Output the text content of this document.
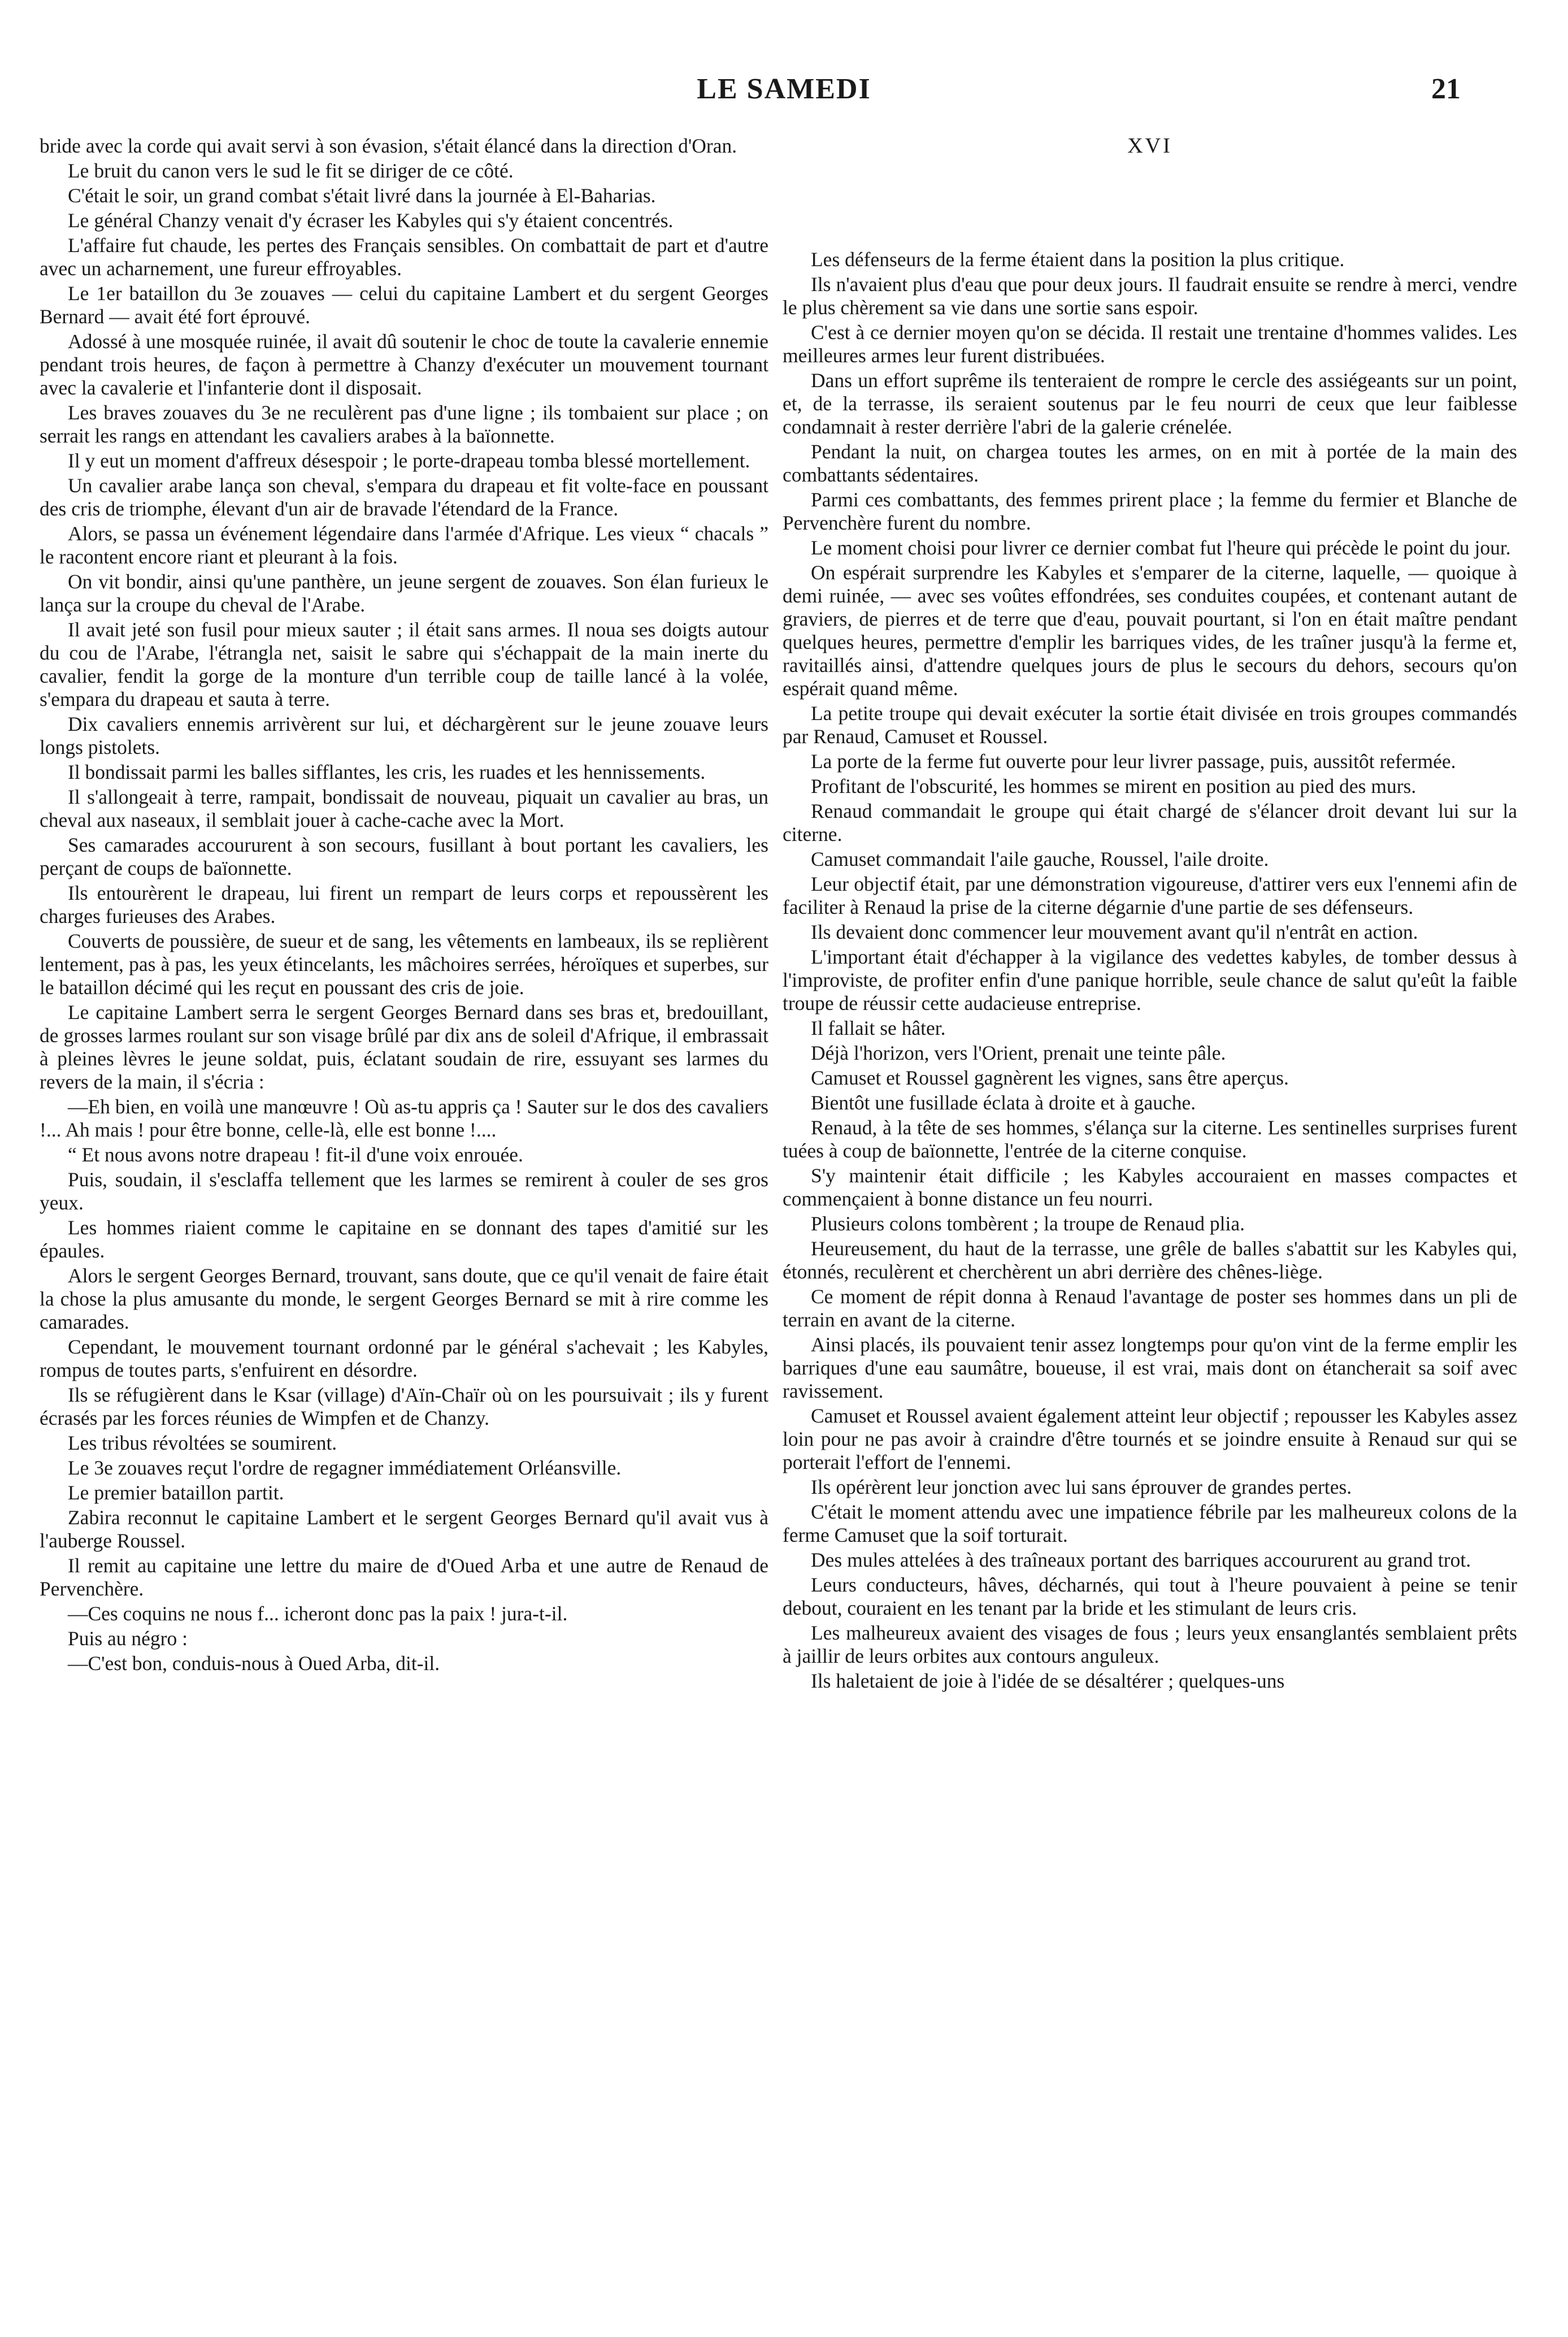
LE SAMEDI	21

bride avec la corde qui avait servi à son évasion, s'était élancé dans la direction d'Oran.

Le bruit du canon vers le sud le fit se diriger de ce côté.

C'était le soir, un grand combat s'était livré dans la journée à El-Baharias.

Le général Chanzy venait d'y écraser les Kabyles qui s'y étaient concentrés.

L'affaire fut chaude, les pertes des Français sensibles. On combattait de part et d'autre avec un acharnement, une fureur effroyables.

Le 1er bataillon du 3e zouaves — celui du capitaine Lambert et du sergent Georges Bernard — avait été fort éprouvé.

Adossé à une mosquée ruinée, il avait dû soutenir le choc de toute la cavalerie ennemie pendant trois heures, de façon à permettre à Chanzy d'exécuter un mouvement tournant avec la cavalerie et l'infanterie dont il disposait.

Les braves zouaves du 3e ne reculèrent pas d'une ligne ; ils tombaient sur place ; on serrait les rangs en attendant les cavaliers arabes à la baïonnette.

Il y eut un moment d'affreux désespoir ; le porte-drapeau tomba blessé mortellement.

Un cavalier arabe lança son cheval, s'empara du drapeau et fit volte-face en poussant des cris de triomphe, élevant d'un air de bravade l'étendard de la France.

Alors, se passa un événement légendaire dans l'armée d'Afrique. Les vieux “ chacals ” le racontent encore riant et pleurant à la fois.

On vit bondir, ainsi qu'une panthère, un jeune sergent de zouaves. Son élan furieux le lança sur la croupe du cheval de l'Arabe.

Il avait jeté son fusil pour mieux sauter ; il était sans armes. Il noua ses doigts autour du cou de l'Arabe, l'étrangla net, saisit le sabre qui s'échappait de la main inerte du cavalier, fendit la gorge de la monture d'un terrible coup de taille lancé à la volée, s'empara du drapeau et sauta à terre.

Dix cavaliers ennemis arrivèrent sur lui, et déchargèrent sur le jeune zouave leurs longs pistolets.

Il bondissait parmi les balles sifflantes, les cris, les ruades et les hennissements.

Il s'allongeait à terre, rampait, bondissait de nouveau, piquait un cavalier au bras, un cheval aux naseaux, il semblait jouer à cache-cache avec la Mort.

Ses camarades accoururent à son secours, fusillant à bout portant les cavaliers, les perçant de coups de baïonnette.

Ils entourèrent le drapeau, lui firent un rempart de leurs corps et repoussèrent les charges furieuses des Arabes.

Couverts de poussière, de sueur et de sang, les vêtements en lambeaux, ils se replièrent lentement, pas à pas, les yeux étincelants, les mâchoires serrées, héroïques et superbes, sur le bataillon décimé qui les reçut en poussant des cris de joie.

Le capitaine Lambert serra le sergent Georges Bernard dans ses bras et, bredouillant, de grosses larmes roulant sur son visage brûlé par dix ans de soleil d'Afrique, il embrassait à pleines lèvres le jeune soldat, puis, éclatant soudain de rire, essuyant ses larmes du revers de la main, il s'écria :

—Eh bien, en voilà une manœuvre ! Où as-tu appris ça ! Sauter sur le dos des cavaliers !... Ah mais ! pour être bonne, celle-là, elle est bonne !....

“ Et nous avons notre drapeau ! fit-il d'une voix enrouée.

Puis, soudain, il s'esclaffa tellement que les larmes se remirent à couler de ses gros yeux.

Les hommes riaient comme le capitaine en se donnant des tapes d'amitié sur les épaules.

Alors le sergent Georges Bernard, trouvant, sans doute, que ce qu'il venait de faire était la chose la plus amusante du monde, le sergent Georges Bernard se mit à rire comme les camarades.

Cependant, le mouvement tournant ordonné par le général s'achevait ; les Kabyles, rompus de toutes parts, s'enfuirent en désordre.

Ils se réfugièrent dans le Ksar (village) d'Aïn-Chaïr où on les poursuivait ; ils y furent écrasés par les forces réunies de Wimpfen et de Chanzy.

Les tribus révoltées se soumirent.

Le 3e zouaves reçut l'ordre de regagner immédiatement Orléansville.

Le premier bataillon partit.

Zabira reconnut le capitaine Lambert et le sergent Georges Bernard qu'il avait vus à l'auberge Roussel.

Il remit au capitaine une lettre du maire de d'Oued Arba et une autre de Renaud de Pervenchère.

—Ces coquins ne nous f... icheront donc pas la paix ! jura-t-il.

Puis au négro :

—C'est bon, conduis-nous à Oued Arba, dit-il.

XVI

Les défenseurs de la ferme étaient dans la position la plus critique.

Ils n'avaient plus d'eau que pour deux jours. Il faudrait ensuite se rendre à merci, vendre le plus chèrement sa vie dans une sortie sans espoir.

C'est à ce dernier moyen qu'on se décida. Il restait une trentaine d'hommes valides. Les meilleures armes leur furent distribuées.

Dans un effort suprême ils tenteraient de rompre le cercle des assiégeants sur un point, et, de la terrasse, ils seraient soutenus par le feu nourri de ceux que leur faiblesse condamnait à rester derrière l'abri de la galerie crénelée.

Pendant la nuit, on chargea toutes les armes, on en mit à portée de la main des combattants sédentaires.

Parmi ces combattants, des femmes prirent place ; la femme du fermier et Blanche de Pervenchère furent du nombre.

Le moment choisi pour livrer ce dernier combat fut l'heure qui précède le point du jour.

On espérait surprendre les Kabyles et s'emparer de la citerne, laquelle, — quoique à demi ruinée, — avec ses voûtes effondrées, ses conduites coupées, et contenant autant de graviers, de pierres et de terre que d'eau, pouvait pourtant, si l'on en était maître pendant quelques heures, permettre d'emplir les barriques vides, de les traîner jusqu'à la ferme et, ravitaillés ainsi, d'attendre quelques jours de plus le secours du dehors, secours qu'on espérait quand même.

La petite troupe qui devait exécuter la sortie était divisée en trois groupes commandés par Renaud, Camuset et Roussel.

La porte de la ferme fut ouverte pour leur livrer passage, puis, aussitôt refermée.

Profitant de l'obscurité, les hommes se mirent en position au pied des murs.

Renaud commandait le groupe qui était chargé de s'élancer droit devant lui sur la citerne.

Camuset commandait l'aile gauche, Roussel, l'aile droite.

Leur objectif était, par une démonstration vigoureuse, d'attirer vers eux l'ennemi afin de faciliter à Renaud la prise de la citerne dégarnie d'une partie de ses défenseurs.

Ils devaient donc commencer leur mouvement avant qu'il n'entrât en action.

L'important était d'échapper à la vigilance des vedettes kabyles, de tomber dessus à l'improviste, de profiter enfin d'une panique horrible, seule chance de salut qu'eût la faible troupe de réussir cette audacieuse entreprise.

Il fallait se hâter.

Déjà l'horizon, vers l'Orient, prenait une teinte pâle.

Camuset et Roussel gagnèrent les vignes, sans être aperçus.

Bientôt une fusillade éclata à droite et à gauche.

Renaud, à la tête de ses hommes, s'élança sur la citerne. Les sentinelles surprises furent tuées à coup de baïonnette, l'entrée de la citerne conquise.

S'y maintenir était difficile ; les Kabyles accouraient en masses compactes et commençaient à bonne distance un feu nourri.

Plusieurs colons tombèrent ; la troupe de Renaud plia.

Heureusement, du haut de la terrasse, une grêle de balles s'abattit sur les Kabyles qui, étonnés, reculèrent et cherchèrent un abri derrière des chênes-liège.

Ce moment de répit donna à Renaud l'avantage de poster ses hommes dans un pli de terrain en avant de la citerne.

Ainsi placés, ils pouvaient tenir assez longtemps pour qu'on vint de la ferme emplir les barriques d'une eau saumâtre, boueuse, il est vrai, mais dont on étancherait sa soif avec ravissement.

Camuset et Roussel avaient également atteint leur objectif ; repousser les Kabyles assez loin pour ne pas avoir à craindre d'être tournés et se joindre ensuite à Renaud sur qui se porterait l'effort de l'ennemi.

Ils opérèrent leur jonction avec lui sans éprouver de grandes pertes.

C'était le moment attendu avec une impatience fébrile par les malheureux colons de la ferme Camuset que la soif torturait.

Des mules attelées à des traîneaux portant des barriques accoururent au grand trot.

Leurs conducteurs, hâves, décharnés, qui tout à l'heure pouvaient à peine se tenir debout, couraient en les tenant par la bride et les stimulant de leurs cris.

Les malheureux avaient des visages de fous ; leurs yeux ensanglantés semblaient prêts à jaillir de leurs orbites aux contours anguleux.

Ils haletaient de joie à l'idée de se désaltérer ; quelques-uns
